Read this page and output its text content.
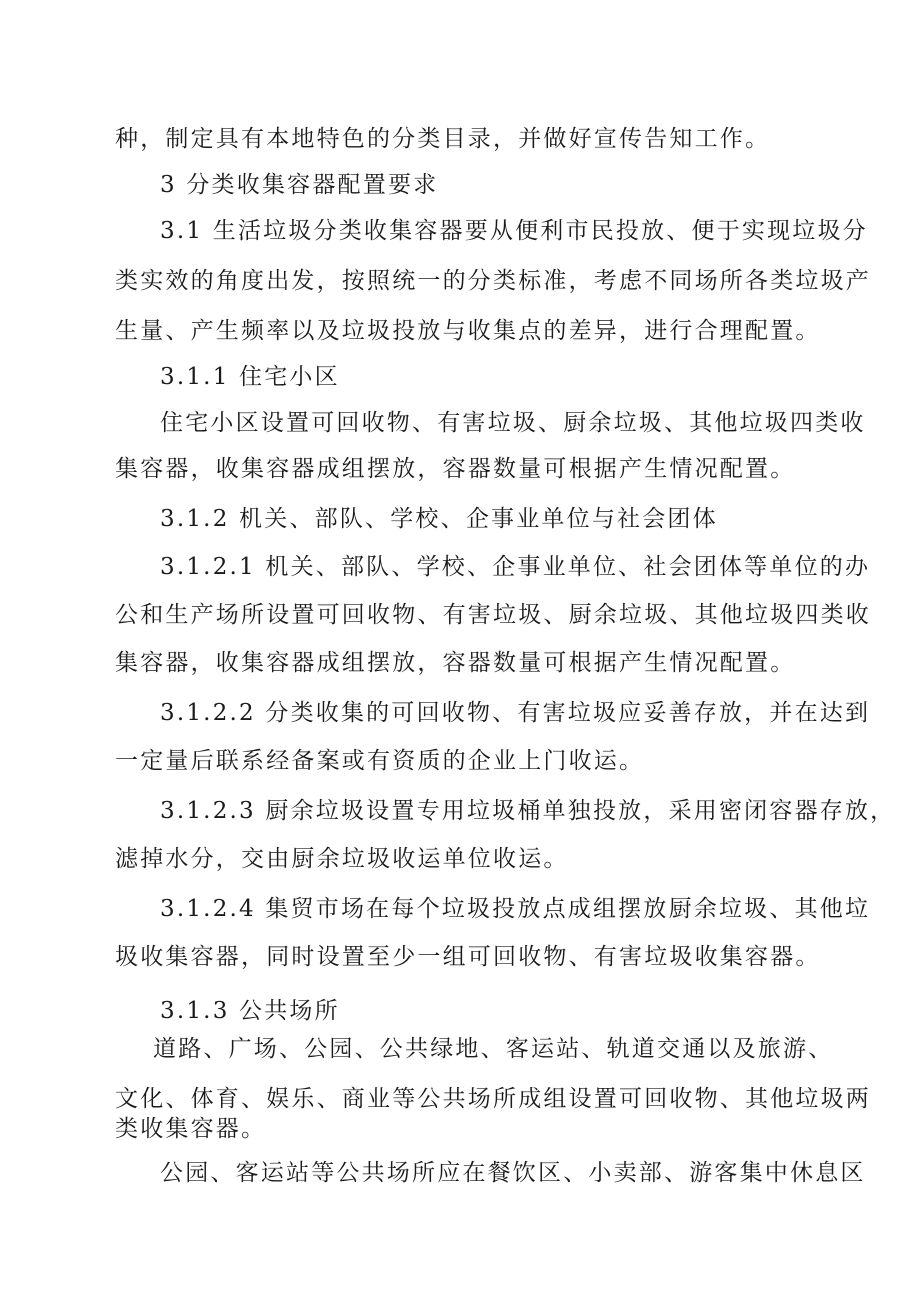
种，制定具有本地特色的分类目录，并做好宣传告知工作。
3 分类收集容器配置要求
3.1 生活垃圾分类收集容器要从便利市民投放、便于实现垃圾分
类实效的角度出发，按照统一的分类标准，考虑不同场所各类垃圾产
生量、产生频率以及垃圾投放与收集点的差异，进行合理配置。
3.1.1 住宅小区
住宅小区设置可回收物、有害垃圾、厨余垃圾、其他垃圾四类收
集容器，收集容器成组摆放，容器数量可根据产生情况配置。
3.1.2 机关、部队、学校、企事业单位与社会团体
3.1.2.1 机关、部队、学校、企事业单位、社会团体等单位的办
公和生产场所设置可回收物、有害垃圾、厨余垃圾、其他垃圾四类收
集容器，收集容器成组摆放，容器数量可根据产生情况配置。
3.1.2.2 分类收集的可回收物、有害垃圾应妥善存放，并在达到
一定量后联系经备案或有资质的企业上门收运。
3.1.2.3 厨余垃圾设置专用垃圾桶单独投放，采用密闭容器存放，
滤掉水分，交由厨余垃圾收运单位收运。
3.1.2.4 集贸市场在每个垃圾投放点成组摆放厨余垃圾、其他垃
圾收集容器，同时设置至少一组可回收物、有害垃圾收集容器。
3.1.3 公共场所
道路、广场、公园、公共绿地、客运站、轨道交通以及旅游、
文化、体育、娱乐、商业等公共场所成组设置可回收物、其他垃圾两
类收集容器。
公园、客运站等公共场所应在餐饮区、小卖部、游客集中休息区
